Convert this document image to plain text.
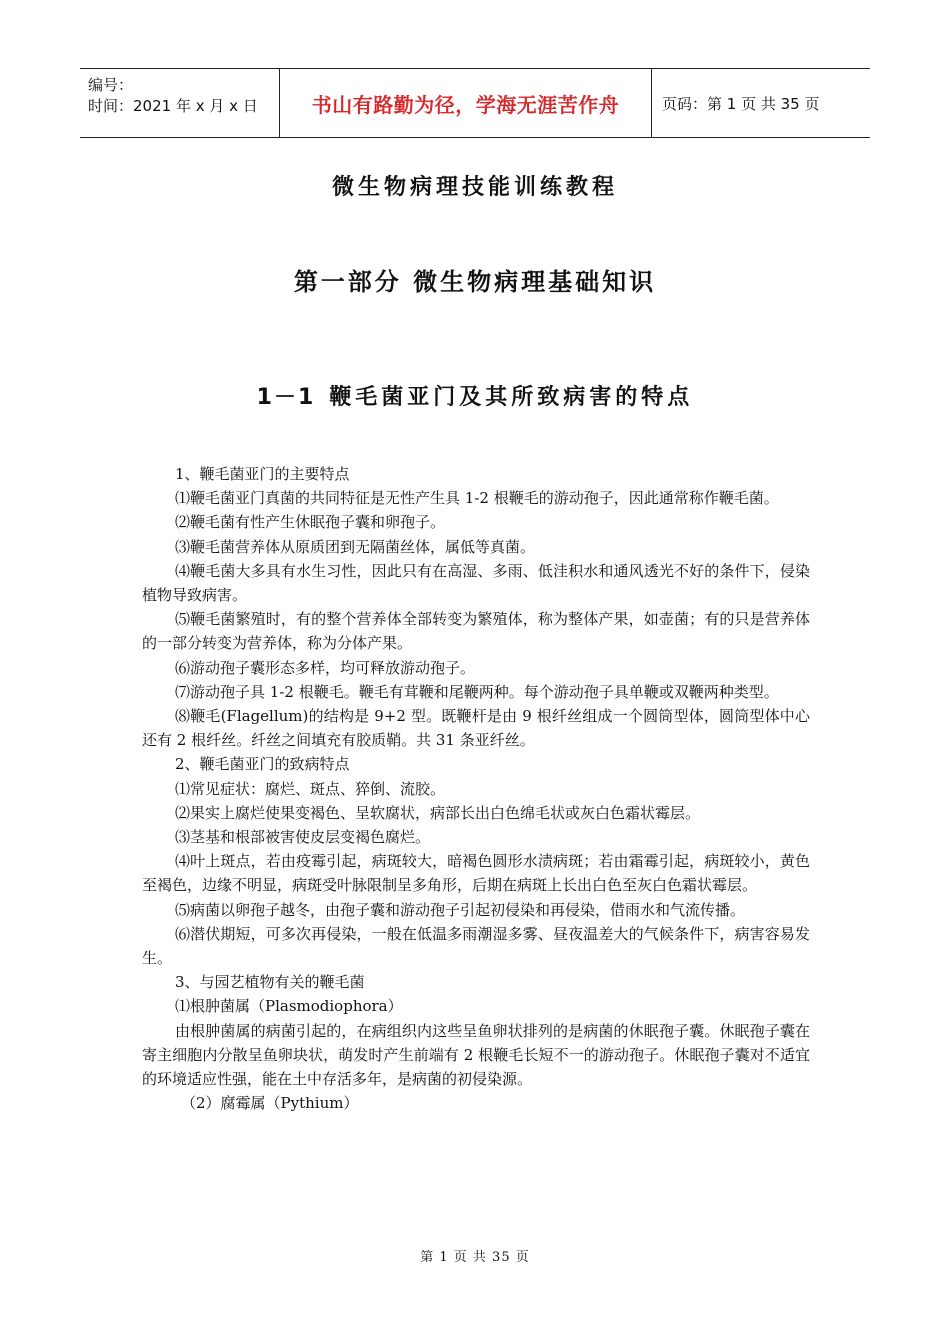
编号：
时间：2021 年 x 月 x 日	书山有路勤为径，学海无涯苦作舟	页码：第 1 页 共 35 页
微生物病理技能训练教程
第一部分 微生物病理基础知识
1－1 鞭毛菌亚门及其所致病害的特点

1、鞭毛菌亚门的主要特点

⑴鞭毛菌亚门真菌的共同特征是无性产生具 1-2 根鞭毛的游动孢子，因此通常称作鞭毛菌。

⑵鞭毛菌有性产生休眠孢子囊和卵孢子。

⑶鞭毛菌营养体从原质团到无隔菌丝体，属低等真菌。

⑷鞭毛菌大多具有水生习性，因此只有在高湿、多雨、低洼积水和通风透光不好的条件下，侵染植物导致病害。

⑸鞭毛菌繁殖时，有的整个营养体全部转变为繁殖体，称为整体产果，如壶菌；有的只是营养体的一部分转变为营养体，称为分体产果。

⑹游动孢子囊形态多样，均可释放游动孢子。

⑺游动孢子具 1-2 根鞭毛。鞭毛有茸鞭和尾鞭两种。每个游动孢子具单鞭或双鞭两种类型。

⑻鞭毛(Flagellum)的结构是 9+2 型。既鞭杆是由 9 根纤丝组成一个圆筒型体，圆筒型体中心还有 2 根纤丝。纤丝之间填充有胶质鞘。共 31 条亚纤丝。

2、鞭毛菌亚门的致病特点

⑴常见症状：腐烂、斑点、猝倒、流胶。

⑵果实上腐烂使果变褐色、呈软腐状，病部长出白色绵毛状或灰白色霜状霉层。

⑶茎基和根部被害使皮层变褐色腐烂。

⑷叶上斑点，若由疫霉引起，病斑较大，暗褐色圆形水渍病斑；若由霜霉引起，病斑较小，黄色至褐色，边缘不明显，病斑受叶脉限制呈多角形，后期在病斑上长出白色至灰白色霜状霉层。

⑸病菌以卵孢子越冬，由孢子囊和游动孢子引起初侵染和再侵染，借雨水和气流传播。

⑹潜伏期短，可多次再侵染，一般在低温多雨潮湿多雾、昼夜温差大的气候条件下，病害容易发生。

3、与园艺植物有关的鞭毛菌

⑴根肿菌属（Plasmodiophora）

由根肿菌属的病菌引起的，在病组织内这些呈鱼卵状排列的是病菌的休眠孢子囊。休眠孢子囊在寄主细胞内分散呈鱼卵块状，萌发时产生前端有 2 根鞭毛长短不一的游动孢子。休眠孢子囊对不适宜的环境适应性强，能在土中存活多年，是病菌的初侵染源。

（2）腐霉属（Pythium）

第 1 页 共 35 页
